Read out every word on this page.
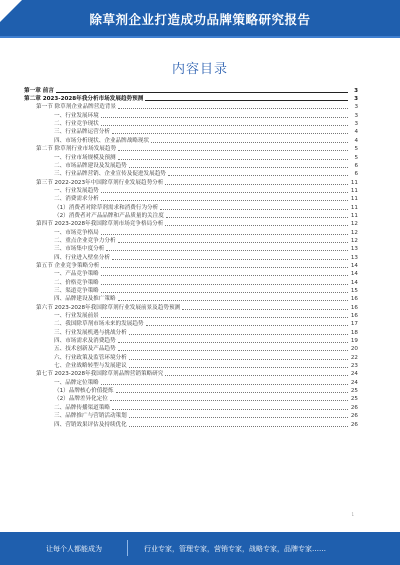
除草剂企业打造成功品牌策略研究报告
内容目录
第一章 前言	3
第二章 2023-2028年我分析市场发展趋势预测	3
第一节 除草剂企业品牌营造背景	3
一、行业发展环境	3
二、行业竞争现状	3
三、行业品牌运营分析	4
四、市场分析现状、企业品牌战略现状	4
第二节 除草剂行业市场发展趋势	5
一、行业市场规模及预测	5
二、市场品牌建设及发展趋势	6
三、行业品牌营销、企业宣传及促进发展趋势	6
第三节 2022-2023年中国除草剂行业发展趋势分析	11
一、行业发展趋势	11
二、消费需求分析	11
（1）消费者对除草剂需求和消费行为分析	11
（2）消费者对产品品牌和产品质量的关注度	11
第四节 2023-2028年我国除草剂市场竞争格局分析	12
一、市场竞争格局	12
二、重点企业竞争力分析	12
三、市场集中度分析	13
四、行业进入壁垒分析	13
第五节 企业竞争策略分析	14
一、产品竞争策略	14
二、价格竞争策略	14
三、渠道竞争策略	15
四、品牌建设及推广策略	16
第六节 2023-2028年我国除草剂行业发展前景及趋势预测	16
一、行业发展前景	16
二、我国除草剂市场未来的发展趋势	17
三、行业发展机遇与挑战分析	18
四、市场需求及消费趋势	19
五、技术创新及产品趋势	20
六、行业政策及监管环境分析	22
七、企业战略转型与发展建议	23
第七节 2023-2028年我国除草剂品牌营销策略研究	24
一、品牌定位策略	24
（1）品牌核心价值提炼	25
（2）品牌差异化定位	25
二、品牌传播渠道策略	26
三、品牌推广与营销活动策划	26
四、营销效果评估及持续优化	26
1
让每个人都能成为	行业专家，管理专家，营销专家，战略专家，品牌专家……
